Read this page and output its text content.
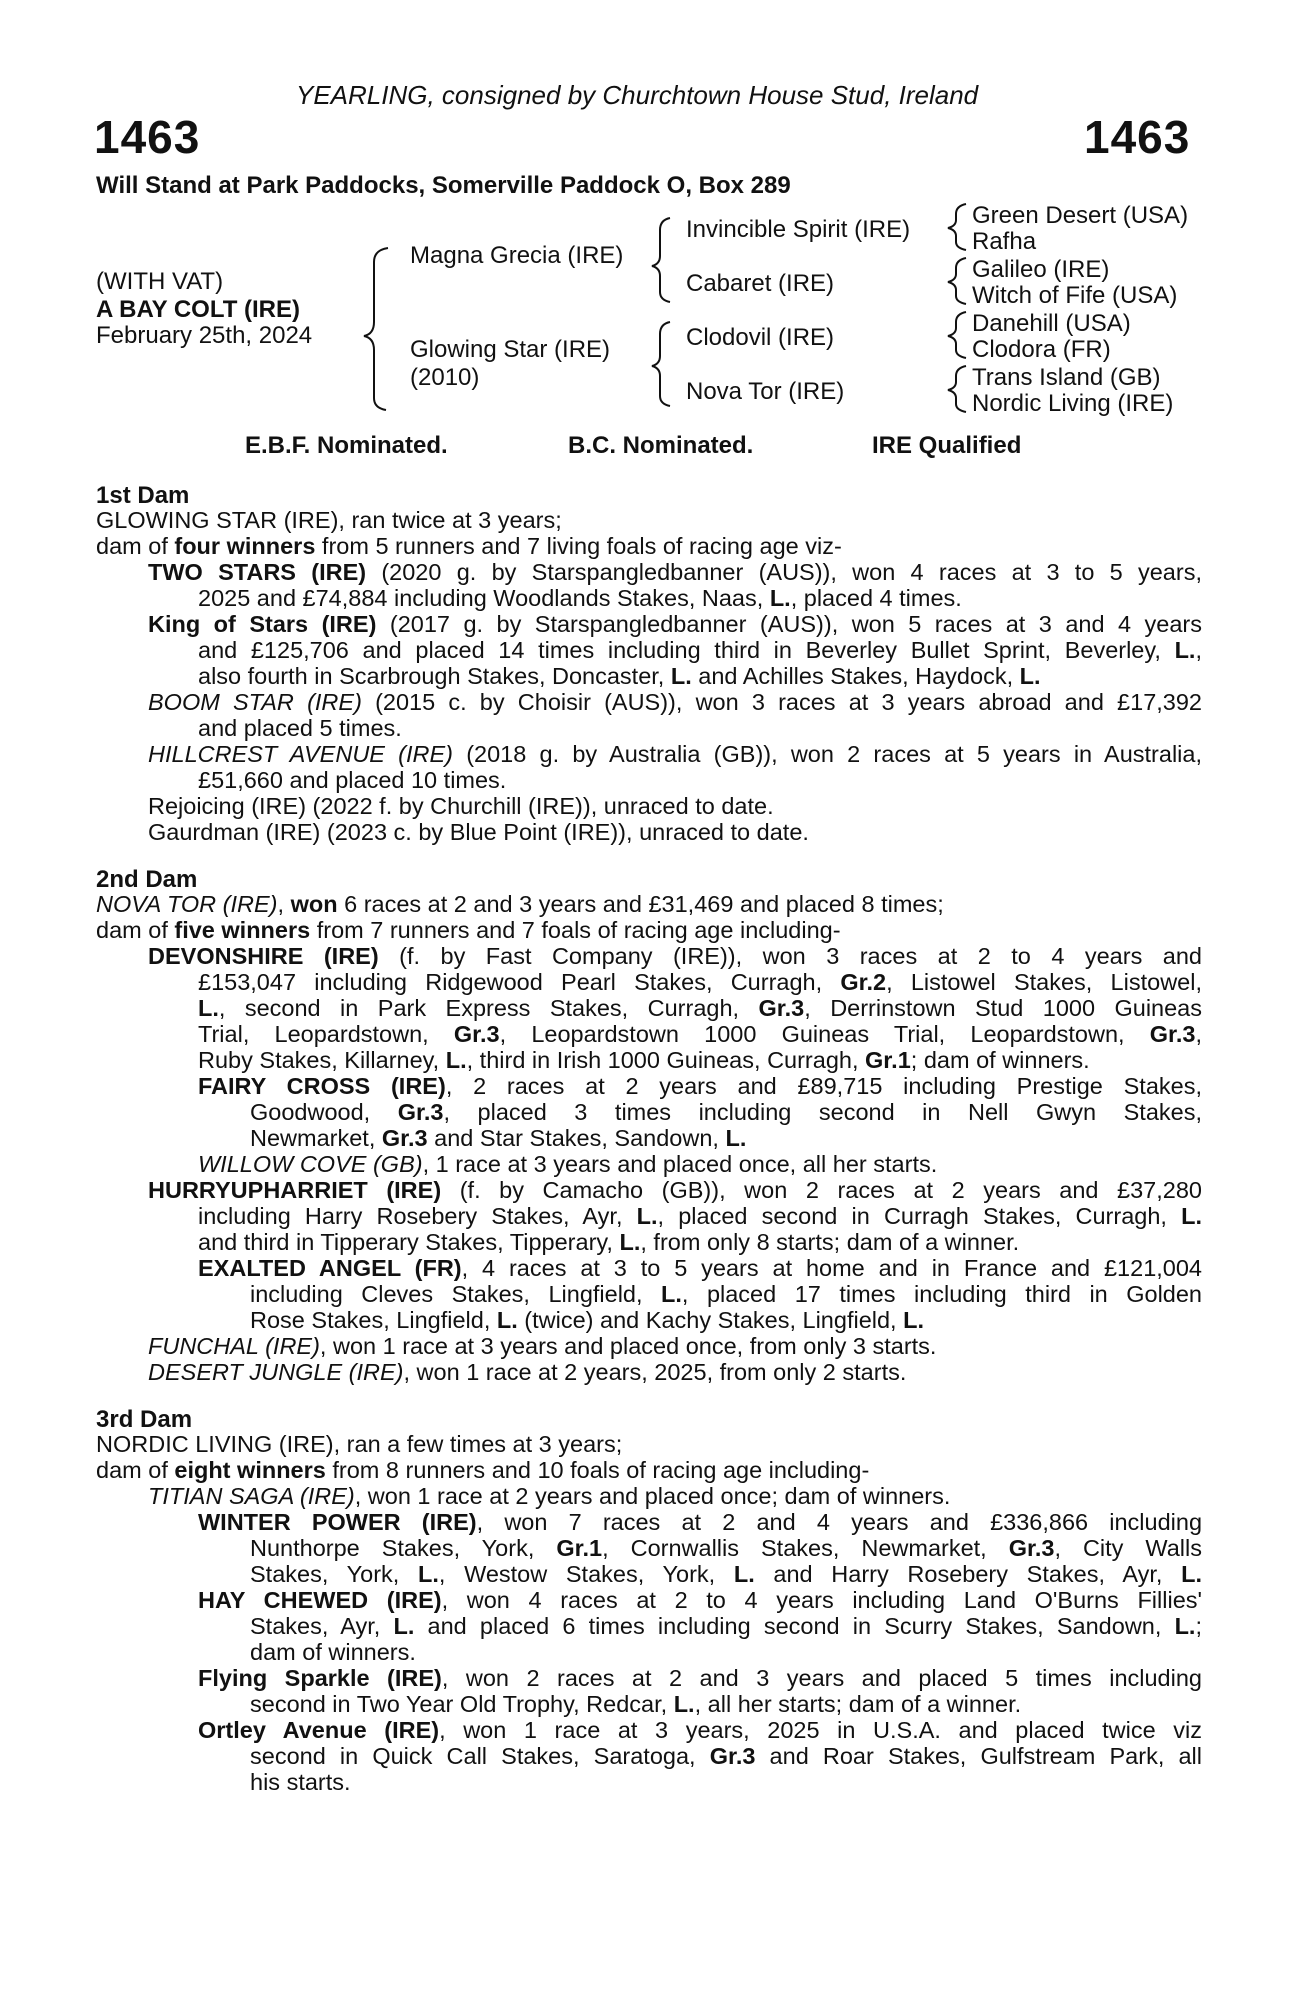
YEARLING, consigned by Churchtown House Stud, Ireland
1463	1463
Will Stand at Park Paddocks, Somerville Paddock O, Box 289
(WITH VAT)
A BAY COLT (IRE)
February 25th, 2024
Magna Grecia (IRE)
Glowing Star (IRE)
(2010)
Invincible Spirit (IRE)
Cabaret (IRE)
Clodovil (IRE)
Nova Tor (IRE)
Green Desert (USA)
Rafha
Galileo (IRE)
Witch of Fife (USA)
Danehill (USA)
Clodora (FR)
Trans Island (GB)
Nordic Living (IRE)
E.B.F. Nominated.	B.C. Nominated.	IRE Qualified
1st Dam
GLOWING STAR (IRE), ran twice at 3 years;
dam of four winners from 5 runners and 7 living foals of racing age viz-
TWO STARS (IRE) (2020 g. by Starspangledbanner (AUS)), won 4 races at 3 to 5 years,
2025 and £74,884 including Woodlands Stakes, Naas, L., placed 4 times.
King of Stars (IRE) (2017 g. by Starspangledbanner (AUS)), won 5 races at 3 and 4 years
and £125,706 and placed 14 times including third in Beverley Bullet Sprint, Beverley, L.,
also fourth in Scarbrough Stakes, Doncaster, L. and Achilles Stakes, Haydock, L.
BOOM STAR (IRE) (2015 c. by Choisir (AUS)), won 3 races at 3 years abroad and £17,392
and placed 5 times.
HILLCREST AVENUE (IRE) (2018 g. by Australia (GB)), won 2 races at 5 years in Australia,
£51,660 and placed 10 times.
Rejoicing (IRE) (2022 f. by Churchill (IRE)), unraced to date.
Gaurdman (IRE) (2023 c. by Blue Point (IRE)), unraced to date.
2nd Dam
NOVA TOR (IRE), won 6 races at 2 and 3 years and £31,469 and placed 8 times;
dam of five winners from 7 runners and 7 foals of racing age including-
DEVONSHIRE (IRE) (f. by Fast Company (IRE)), won 3 races at 2 to 4 years and
£153,047 including Ridgewood Pearl Stakes, Curragh, Gr.2, Listowel Stakes, Listowel,
L., second in Park Express Stakes, Curragh, Gr.3, Derrinstown Stud 1000 Guineas
Trial, Leopardstown, Gr.3, Leopardstown 1000 Guineas Trial, Leopardstown, Gr.3,
Ruby Stakes, Killarney, L., third in Irish 1000 Guineas, Curragh, Gr.1; dam of winners.
FAIRY CROSS (IRE), 2 races at 2 years and £89,715 including Prestige Stakes,
Goodwood, Gr.3, placed 3 times including second in Nell Gwyn Stakes,
Newmarket, Gr.3 and Star Stakes, Sandown, L.
WILLOW COVE (GB), 1 race at 3 years and placed once, all her starts.
HURRYUPHARRIET (IRE) (f. by Camacho (GB)), won 2 races at 2 years and £37,280
including Harry Rosebery Stakes, Ayr, L., placed second in Curragh Stakes, Curragh, L.
and third in Tipperary Stakes, Tipperary, L., from only 8 starts; dam of a winner.
EXALTED ANGEL (FR), 4 races at 3 to 5 years at home and in France and £121,004
including Cleves Stakes, Lingfield, L., placed 17 times including third in Golden
Rose Stakes, Lingfield, L. (twice) and Kachy Stakes, Lingfield, L.
FUNCHAL (IRE), won 1 race at 3 years and placed once, from only 3 starts.
DESERT JUNGLE (IRE), won 1 race at 2 years, 2025, from only 2 starts.
3rd Dam
NORDIC LIVING (IRE), ran a few times at 3 years;
dam of eight winners from 8 runners and 10 foals of racing age including-
TITIAN SAGA (IRE), won 1 race at 2 years and placed once; dam of winners.
WINTER POWER (IRE), won 7 races at 2 and 4 years and £336,866 including
Nunthorpe Stakes, York, Gr.1, Cornwallis Stakes, Newmarket, Gr.3, City Walls
Stakes, York, L., Westow Stakes, York, L. and Harry Rosebery Stakes, Ayr, L.
HAY CHEWED (IRE), won 4 races at 2 to 4 years including Land O'Burns Fillies'
Stakes, Ayr, L. and placed 6 times including second in Scurry Stakes, Sandown, L.;
dam of winners.
Flying Sparkle (IRE), won 2 races at 2 and 3 years and placed 5 times including
second in Two Year Old Trophy, Redcar, L., all her starts; dam of a winner.
Ortley Avenue (IRE), won 1 race at 3 years, 2025 in U.S.A. and placed twice viz
second in Quick Call Stakes, Saratoga, Gr.3 and Roar Stakes, Gulfstream Park, all
his starts.
